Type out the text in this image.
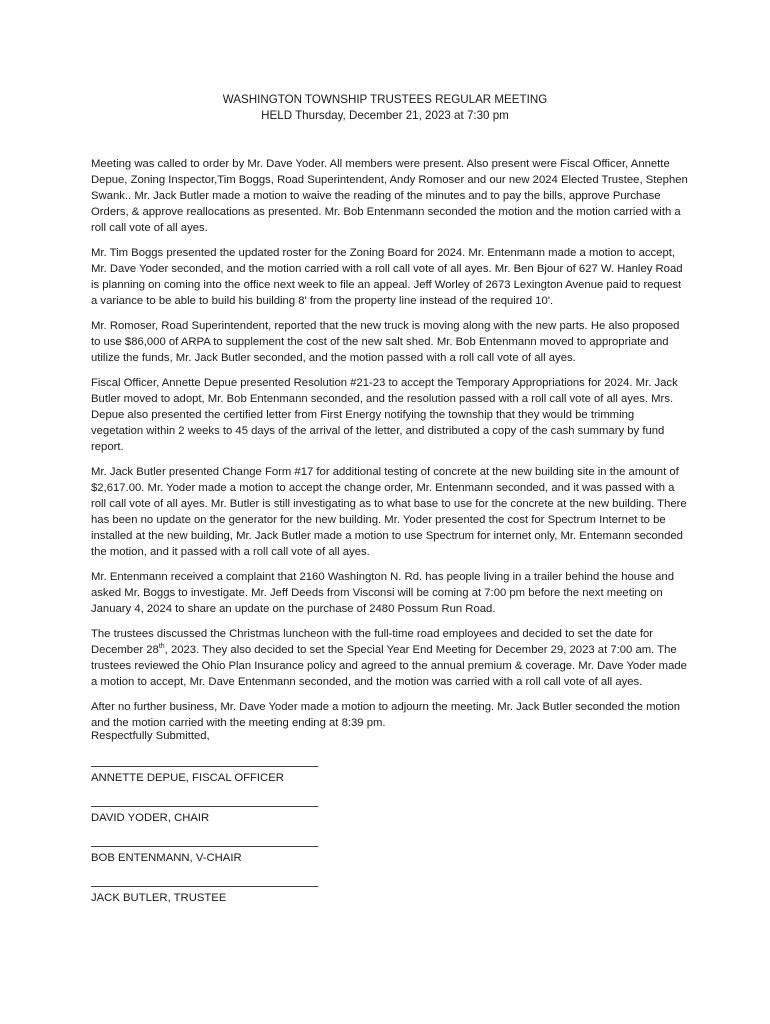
WASHINGTON TOWNSHIP TRUSTEES REGULAR MEETING
HELD Thursday, December 21, 2023 at 7:30 pm

Meeting was called to order by Mr. Dave Yoder. All members were present. Also present were Fiscal Officer, Annette Depue, Zoning Inspector,Tim Boggs, Road Superintendent, Andy Romoser and our new 2024 Elected Trustee, Stephen Swank.. Mr. Jack Butler made a motion to waive the reading of the minutes and to pay the bills, approve Purchase Orders, & approve reallocations as presented. Mr. Bob Entenmann seconded the motion and the motion carried with a roll call vote of all ayes.

Mr. Tim Boggs presented the updated roster for the Zoning Board for 2024. Mr. Entenmann made a motion to accept, Mr. Dave Yoder seconded, and the motion carried with a roll call vote of all ayes. Mr. Ben Bjour of 627 W. Hanley Road is planning on coming into the office next week to file an appeal. Jeff Worley of 2673 Lexington Avenue paid to request a variance to be able to build his building 8' from the property line instead of the required 10'.

Mr. Romoser, Road Superintendent, reported that the new truck is moving along with the new parts. He also proposed to use $86,000 of ARPA to supplement the cost of the new salt shed. Mr. Bob Entenmann moved to appropriate and utilize the funds, Mr. Jack Butler seconded, and the motion passed with a roll call vote of all ayes.

Fiscal Officer, Annette Depue presented Resolution #21-23 to accept the Temporary Appropriations for 2024. Mr. Jack Butler moved to adopt, Mr. Bob Entenmann seconded, and the resolution passed with a roll call vote of all ayes. Mrs. Depue also presented the certified letter from First Energy notifying the township that they would be trimming vegetation within 2 weeks to 45 days of the arrival of the letter, and distributed a copy of the cash summary by fund report.

Mr. Jack Butler presented Change Form #17 for additional testing of concrete at the new building site in the amount of $2,617.00. Mr. Yoder made a motion to accept the change order, Mr. Entenmann seconded, and it was passed with a roll call vote of all ayes. Mr. Butler is still investigating as to what base to use for the concrete at the new building. There has been no update on the generator for the new building. Mr. Yoder presented the cost for Spectrum Internet to be installed at the new building, Mr. Jack Butler made a motion to use Spectrum for internet only, Mr. Entemann seconded the motion, and it passed with a roll call vote of all ayes.

Mr. Entenmann received a complaint that 2160 Washington N. Rd. has people living in a trailer behind the house and asked Mr. Boggs to investigate. Mr. Jeff Deeds from Visconsi will be coming at 7:00 pm before the next meeting on January 4, 2024 to share an update on the purchase of 2480 Possum Run Road.

The trustees discussed the Christmas luncheon with the full-time road employees and decided to set the date for December 28th, 2023. They also decided to set the Special Year End Meeting for December 29, 2023 at 7:00 am. The trustees reviewed the Ohio Plan Insurance policy and agreed to the annual premium & coverage. Mr. Dave Yoder made a motion to accept, Mr. Dave Entenmann seconded, and the motion was carried with a roll call vote of all ayes.

After no further business, Mr. Dave Yoder made a motion to adjourn the meeting. Mr. Jack Butler seconded the motion and the motion carried with the meeting ending at 8:39 pm.

Respectfully Submitted,
ANNETTE DEPUE, FISCAL OFFICER
DAVID YODER, CHAIR
BOB ENTENMANN, V-CHAIR
JACK BUTLER, TRUSTEE
